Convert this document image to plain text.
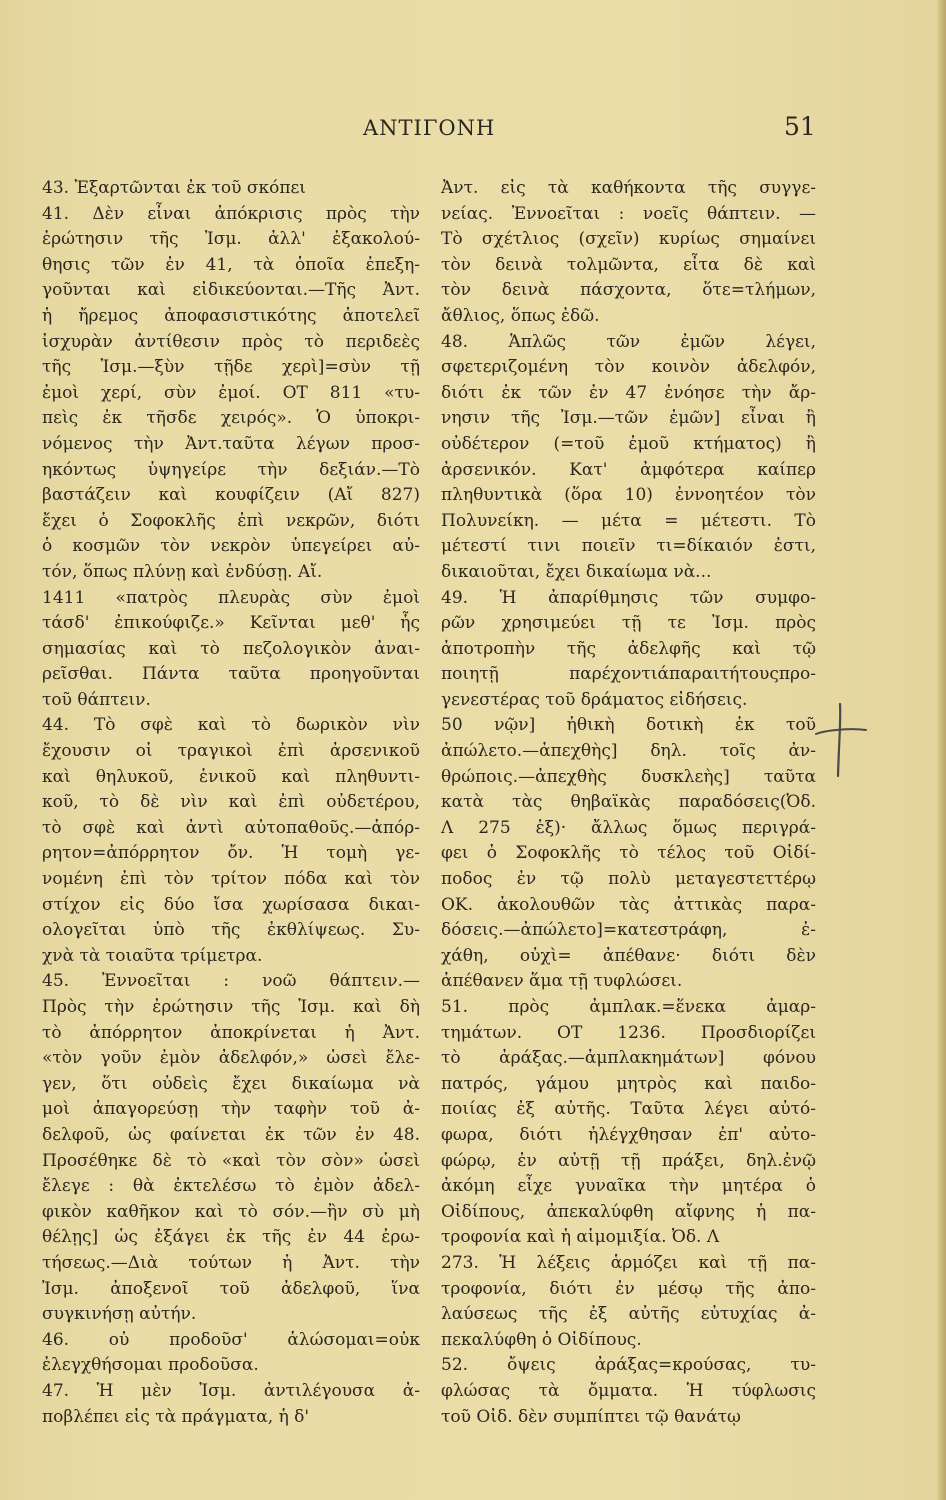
ΑΝΤΙΓΟΝΗ	51
43. Ἐξαρτῶνται ἐκ τοῦ σκόπει
41. Δὲν εἶναι ἀπόκρισις πρὸς τὴν
ἐρώτησιν τῆς Ἰσμ. ἀλλ' ἐξακολού-
θησις τῶν ἐν 41, τὰ ὁποῖα ἐπεξη-
γοῦνται καὶ εἰδικεύονται.—Τῆς Ἀντ.
ἡ ἤρεμος ἀποφασιστικότης ἀποτελεῖ
ἰσχυρὰν ἀντίθεσιν πρὸς τὸ περιδεὲς
τῆς Ἰσμ.—ξὺν τῇδε χερὶ]=σὺν τῇ
ἐμοὶ χερί, σὺν ἐμοί. ΟΤ 811 «τυ-
πεὶς ἐκ τῆσδε χειρός». Ὁ ὑποκρι-
νόμενος τὴν Ἀντ.ταῦτα λέγων προσ-
ηκόντως ὑψηγείρε τὴν δεξιάν.—Τὸ
βαστάζειν καὶ κουφίζειν (Αἴ 827)
ἔχει ὁ Σοφοκλῆς ἐπὶ νεκρῶν, διότι
ὁ κοσμῶν τὸν νεκρὸν ὑπεγείρει αὐ-
τόν, ὅπως πλύνῃ καὶ ἐνδύσῃ. Αἴ.
1411 «πατρὸς πλευρὰς σὺν ἐμοὶ
τάσδ' ἐπικούφιζε.» Κεῖνται μεθ' ἧς
σημασίας καὶ τὸ πεζολογικὸν ἀναι-
ρεῖσθαι. Πάντα ταῦτα προηγοῦνται
τοῦ θάπτειν.
44. Τὸ σφὲ καὶ τὸ δωρικὸν νὶν
ἔχουσιν οἱ τραγικοὶ ἐπὶ ἀρσενικοῦ
καὶ θηλυκοῦ, ἑνικοῦ καὶ πληθυντι-
κοῦ, τὸ δὲ νὶν καὶ ἐπὶ οὐδετέρου,
τὸ σφὲ καὶ ἀντὶ αὐτοπαθοῦς.—ἀπόρ-
ρητον=ἀπόρρητον ὄν. Ἡ τομὴ γε-
νομένη ἐπὶ τὸν τρίτον πόδα καὶ τὸν
στίχον εἰς δύο ἴσα χωρίσασα δικαι-
ολογεῖται ὑπὸ τῆς ἐκθλίψεως. Συ-
χνὰ τὰ τοιαῦτα τρίμετρα.
45. Ἐννοεῖται : νοῶ θάπτειν.—
Πρὸς τὴν ἐρώτησιν τῆς Ἰσμ. καὶ δὴ
τὸ ἀπόρρητον ἀποκρίνεται ἡ Ἀντ.
«τὸν γοῦν ἐμὸν ἀδελφόν,» ὡσεὶ ἔλε-
γεν, ὅτι οὐδεὶς ἔχει δικαίωμα νὰ
μοὶ ἀπαγορεύσῃ τὴν ταφὴν τοῦ ἀ-
δελφοῦ, ὡς φαίνεται ἐκ τῶν ἐν 48.
Προσέθηκε δὲ τὸ «καὶ τὸν σὸν» ὡσεὶ
ἔλεγε : θὰ ἐκτελέσω τὸ ἐμὸν ἀδελ-
φικὸν καθῆκον καὶ τὸ σόν.—ἢν σὺ μὴ
θέλῃς] ὡς ἐξάγει ἐκ τῆς ἐν 44 ἐρω-
τήσεως.—Διὰ τούτων ἡ Ἀντ. τὴν
Ἰσμ. ἀποξενοῖ τοῦ ἀδελφοῦ, ἵνα
συγκινήσῃ αὐτήν.
46. οὐ προδοῦσ' ἁλώσομαι=οὐκ
ἐλεγχθήσομαι προδοῦσα.
47. Ἡ μὲν Ἰσμ. ἀντιλέγουσα ἀ-
ποβλέπει εἰς τὰ πράγματα, ἡ δ'
Ἀντ. εἰς τὰ καθήκοντα τῆς συγγε-
νείας. Ἐννοεῖται : νοεῖς θάπτειν. —
Τὸ σχέτλιος (σχεῖν) κυρίως σημαίνει
τὸν δεινὰ τολμῶντα, εἶτα δὲ καὶ
τὸν δεινὰ πάσχοντα, ὅτε=τλήμων,
ἄθλιος, ὅπως ἐδῶ.
48. Ἁπλῶς τῶν ἐμῶν λέγει,
σφετεριζομένη τὸν κοινὸν ἀδελφόν,
διότι ἐκ τῶν ἐν 47 ἐνόησε τὴν ἄρ-
νησιν τῆς Ἰσμ.—τῶν ἐμῶν] εἶναι ἢ
οὐδέτερον (=τοῦ ἐμοῦ κτήματος) ἢ
ἀρσενικόν. Κατ' ἀμφότερα καίπερ
πληθυντικὰ (ὅρα 10) ἐννοητέον τὸν
Πολυνείκη. — μέτα = μέτεστι. Τὸ
μέτεστί τινι ποιεῖν τι=δίκαιόν ἐστι,
δικαιοῦται, ἔχει δικαίωμα νὰ...
49. Ἡ ἀπαρίθμησις τῶν συμφο-
ρῶν χρησιμεύει τῇ τε Ἰσμ. πρὸς
ἀποτροπὴν τῆς ἀδελφῆς καὶ τῷ
ποιητῇ παρέχοντιάπαραιτήτουςπρο-
γενεστέρας τοῦ δράματος εἰδήσεις.
50 νῷν] ἠθικὴ δοτικὴ ἐκ τοῦ
ἀπώλετο.—ἀπεχθὴς] δηλ. τοῖς ἀν-
θρώποις.—ἀπεχθὴς δυσκλεὴς] ταῦτα
κατὰ τὰς θηβαϊκὰς παραδόσεις(Ὀδ.
Λ 275 ἑξ)· ἄλλως ὅμως περιγρά-
φει ὁ Σοφοκλῆς τὸ τέλος τοῦ Οἰδί-
ποδος ἐν τῷ πολὺ μεταγεστεττέρῳ
ΟΚ. ἀκολουθῶν τὰς ἀττικὰς παρα-
δόσεις.—ἀπώλετο]=κατεστράφη, ἐ-
χάθη, οὐχὶ= ἀπέθανε· διότι δὲν
ἀπέθανεν ἅμα τῇ τυφλώσει.
51. πρὸς ἀμπλακ.=ἕνεκα ἀμαρ-
τημάτων. ΟΤ 1236. Προσδιορίζει
τὸ ἀράξας.—ἀμπλακημάτων] φόνου
πατρός, γάμου μητρὸς καὶ παιδο-
ποιίας ἐξ αὐτῆς. Ταῦτα λέγει αὐτό-
φωρα, διότι ἠλέγχθησαν ἐπ' αὐτο-
φώρῳ, ἐν αὐτῇ τῇ πράξει, δηλ.ἐνῷ
ἀκόμη εἶχε γυναῖκα τὴν μητέρα ὁ
Οἰδίπους, ἀπεκαλύφθη αἴφνης ἡ πα-
τροφονία καὶ ἡ αἱμομιξία. Ὀδ. Λ
273. Ἡ λέξεις ἁρμόζει καὶ τῇ πα-
τροφονία, διότι ἐν μέσῳ τῆς ἀπο-
λαύσεως τῆς ἐξ αὐτῆς εὐτυχίας ἀ-
πεκαλύφθη ὁ Οἰδίπους.
52. ὄψεις ἀράξας=κρούσας, τυ-
φλώσας τὰ ὄμματα. Ἡ τύφλωσις
τοῦ Οἰδ. δὲν συμπίπτει τῷ θανάτῳ
